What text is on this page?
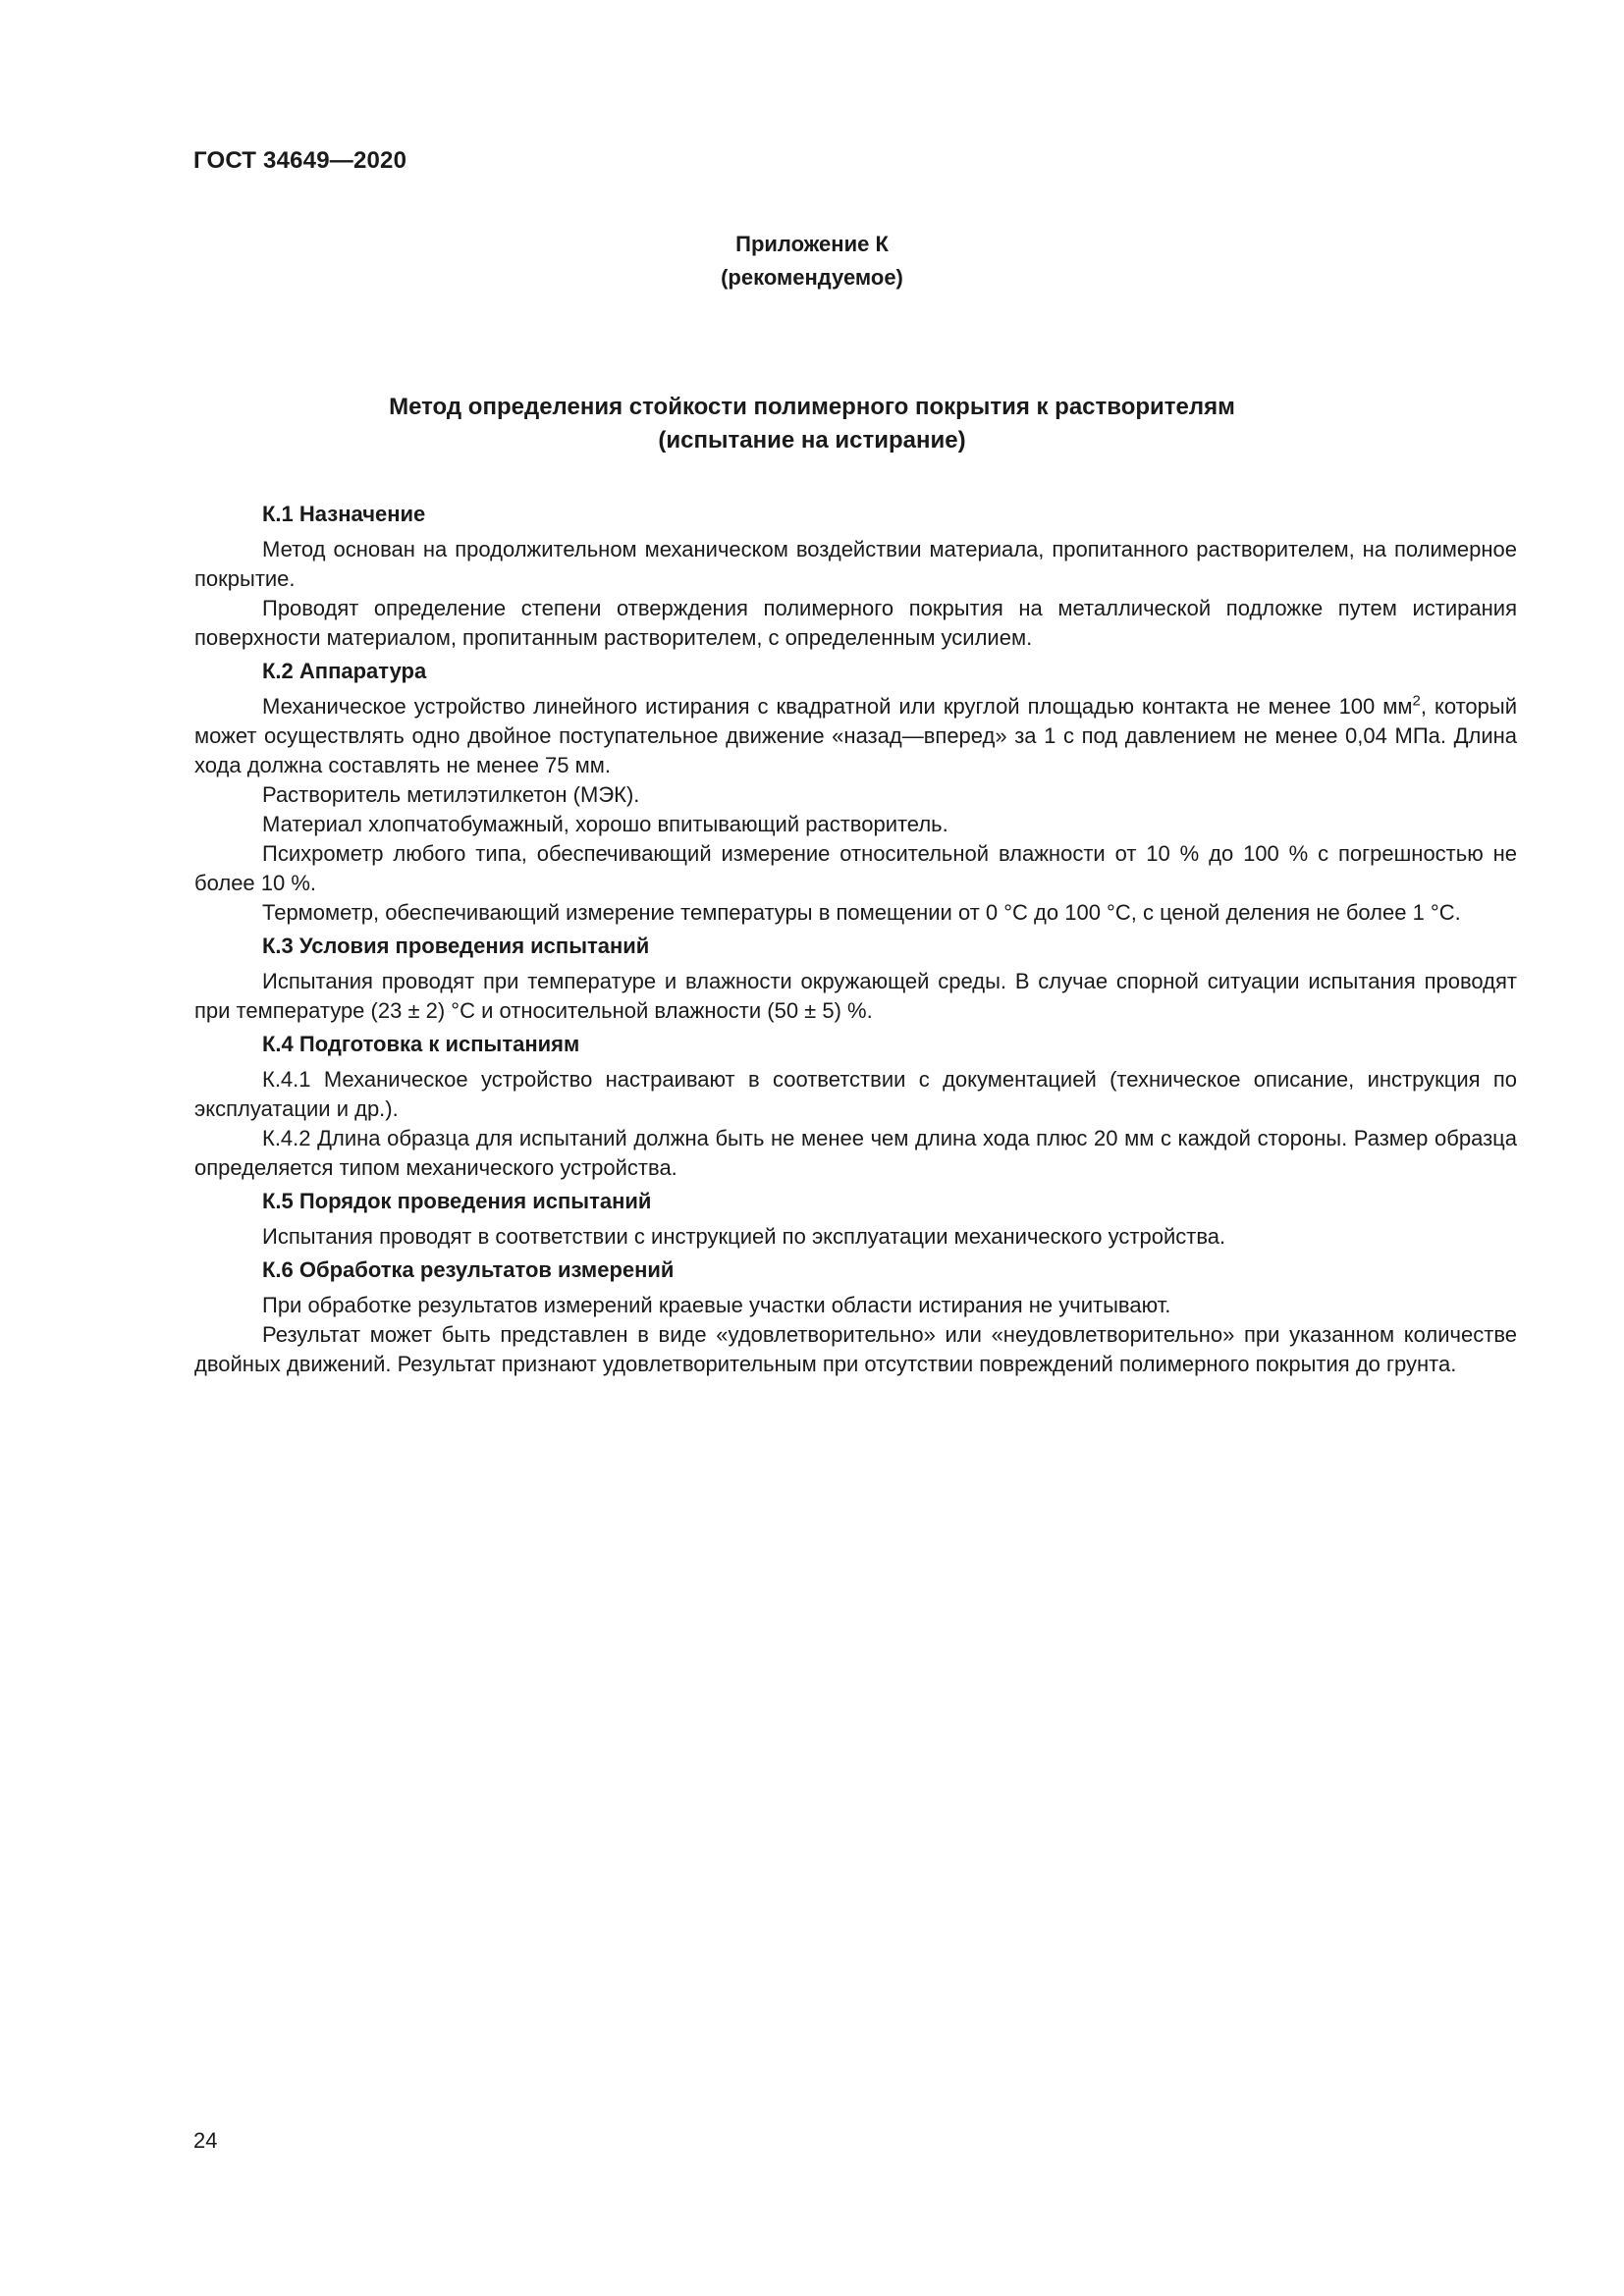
ГОСТ 34649—2020
Приложение К
(рекомендуемое)
Метод определения стойкости полимерного покрытия к растворителям
(испытание на истирание)
К.1 Назначение

Метод основан на продолжительном механическом воздействии материала, пропитанного растворителем, на полимерное покрытие.

Проводят определение степени отверждения полимерного покрытия на металлической подложке путем истирания поверхности материалом, пропитанным растворителем, с определенным усилием.

К.2 Аппаратура

Механическое устройство линейного истирания с квадратной или круглой площадью контакта не менее 100 $мм^2$, который может осуществлять одно двойное поступательное движение «назад—вперед» за 1 с под давлением не менее 0,04 МПа. Длина хода должна составлять не менее 75 мм.

Растворитель метилэтилкетон (МЭК).

Материал хлопчатобумажный, хорошо впитывающий растворитель.

Психрометр любого типа, обеспечивающий измерение относительной влажности от 10 % до 100 % с погрешностью не более 10 %.

Термометр, обеспечивающий измерение температуры в помещении от 0 °С до 100 °С, с ценой деления не более 1 °С.

К.3 Условия проведения испытаний

Испытания проводят при температуре и влажности окружающей среды. В случае спорной ситуации испытания проводят при температуре (23 ± 2) °С и относительной влажности (50 ± 5) %.

К.4 Подготовка к испытаниям

К.4.1 Механическое устройство настраивают в соответствии с документацией (техническое описание, инструкция по эксплуатации и др.).

К.4.2 Длина образца для испытаний должна быть не менее чем длина хода плюс 20 мм с каждой стороны. Размер образца определяется типом механического устройства.

К.5 Порядок проведения испытаний

Испытания проводят в соответствии с инструкцией по эксплуатации механического устройства.

К.6 Обработка результатов измерений

При обработке результатов измерений краевые участки области истирания не учитывают.

Результат может быть представлен в виде «удовлетворительно» или «неудовлетворительно» при указанном количестве двойных движений. Результат признают удовлетворительным при отсутствии повреждений полимерного покрытия до грунта.

24
